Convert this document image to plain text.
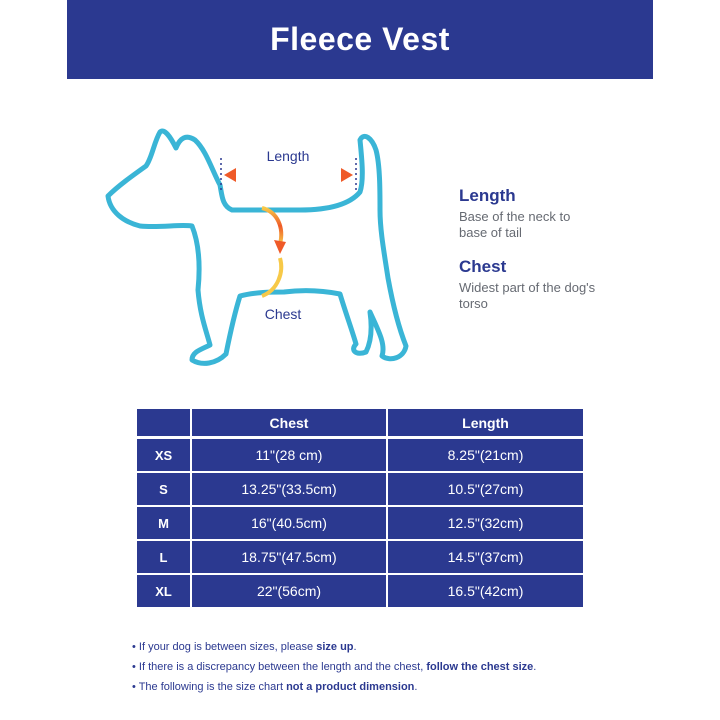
Fleece Vest
Length
Chest
Length
Base of the neck to base of tail
Chest
Widest part of the dog's torso
	Chest	Length
XS	11"(28 cm)	8.25"(21cm)
S	13.25"(33.5cm)	10.5"(27cm)
M	16"(40.5cm)	12.5"(32cm)
L	18.75"(47.5cm)	14.5"(37cm)
XL	22"(56cm)	16.5"(42cm)
• If your dog is between sizes, please size up.
• If there is a discrepancy between the length and the chest, follow the chest size.
• The following is the size chart not a product dimension.
